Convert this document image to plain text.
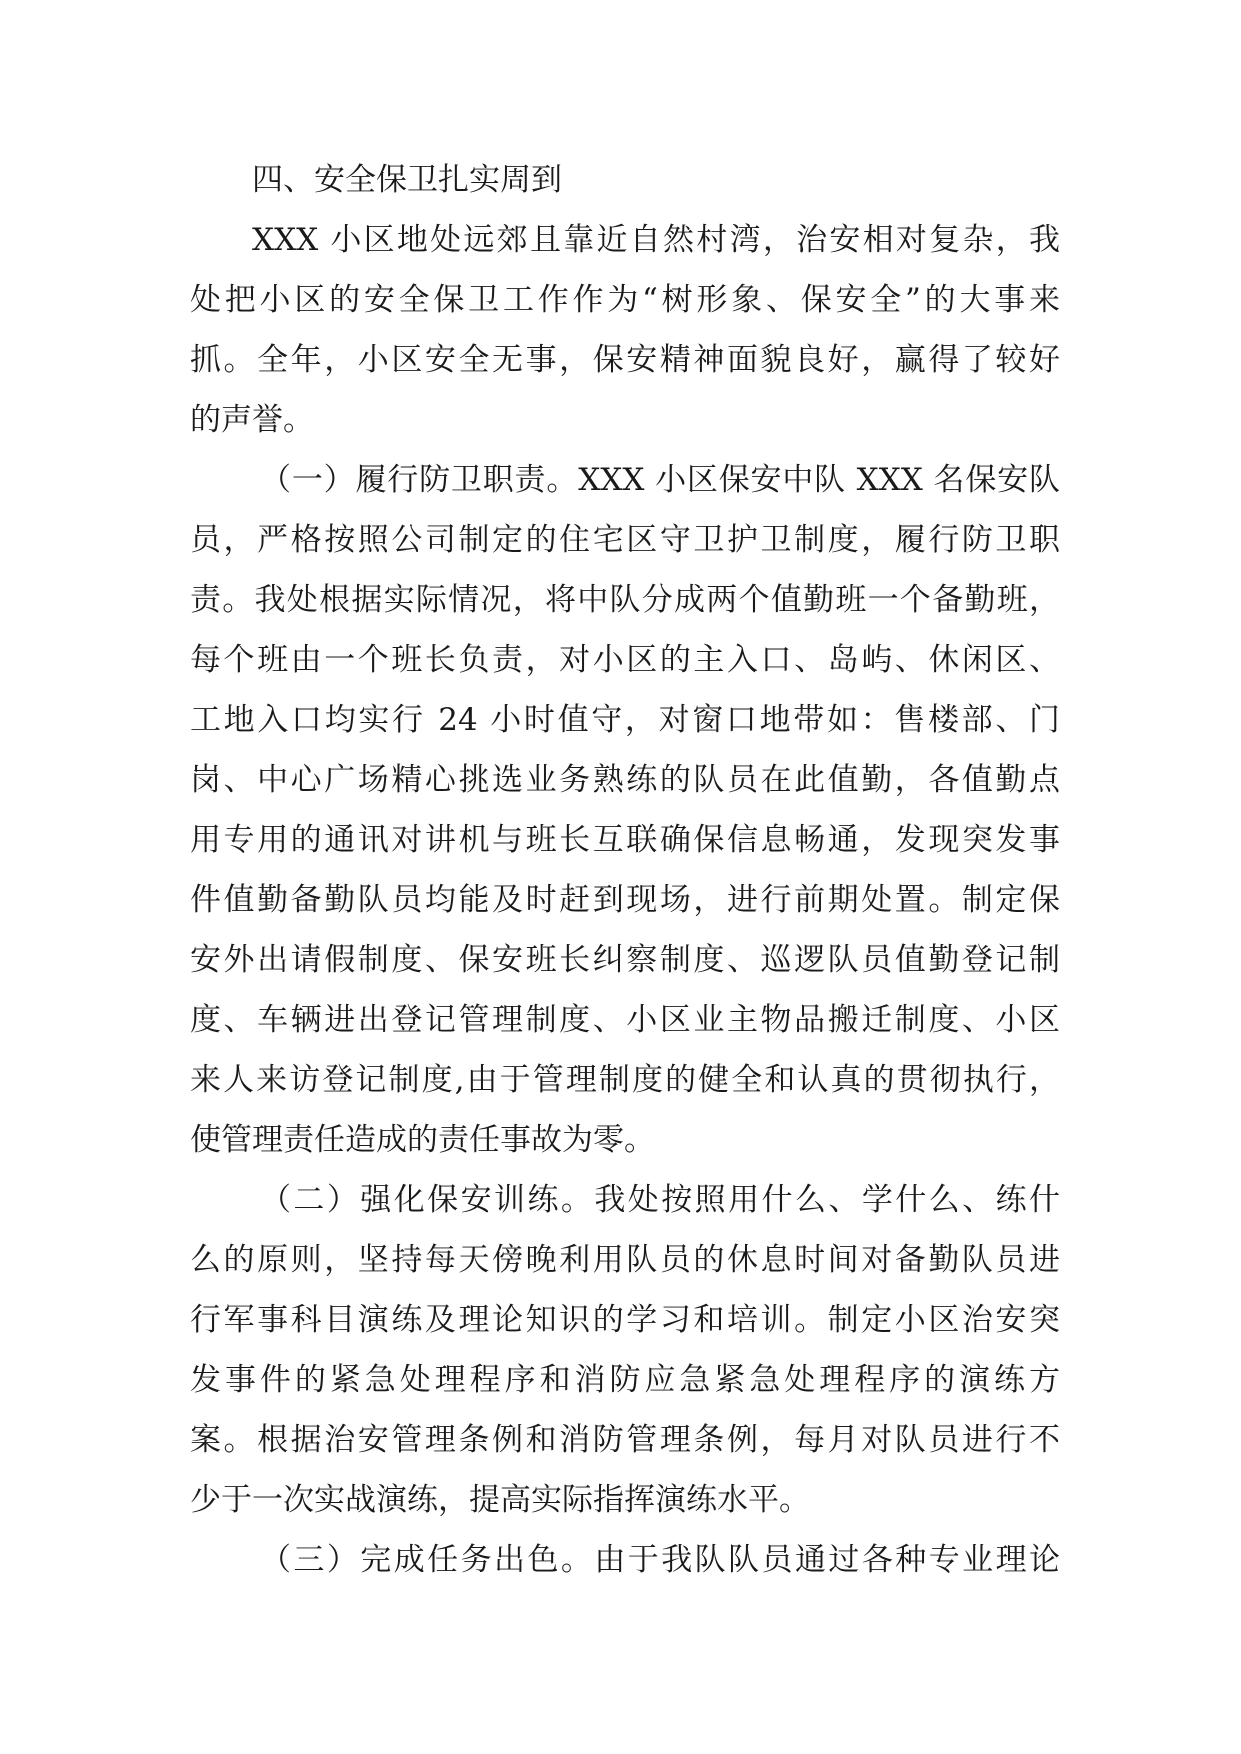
四、安全保卫扎实周到
XXX 小区地处远郊且靠近自然村湾，治安相对复杂，我
处把小区的安全保卫工作作为“树形象、保安全”的大事来
抓。全年，小区安全无事，保安精神面貌良好，赢得了较好
的声誉。
（一）履行防卫职责。XXX 小区保安中队 XXX 名保安队
员，严格按照公司制定的住宅区守卫护卫制度，履行防卫职
责。我处根据实际情况，将中队分成两个值勤班一个备勤班，
每个班由一个班长负责，对小区的主入口、岛屿、休闲区、
工地入口均实行 24 小时值守，对窗口地带如：售楼部、门
岗、中心广场精心挑选业务熟练的队员在此值勤，各值勤点
用专用的通讯对讲机与班长互联确保信息畅通，发现突发事
件值勤备勤队员均能及时赶到现场，进行前期处置。制定保
安外出请假制度、保安班长纠察制度、巡逻队员值勤登记制
度、车辆进出登记管理制度、小区业主物品搬迁制度、小区
来人来访登记制度,由于管理制度的健全和认真的贯彻执行，
使管理责任造成的责任事故为零。
（二）强化保安训练。我处按照用什么、学什么、练什
么的原则，坚持每天傍晚利用队员的休息时间对备勤队员进
行军事科目演练及理论知识的学习和培训。制定小区治安突
发事件的紧急处理程序和消防应急紧急处理程序的演练方
案。根据治安管理条例和消防管理条例，每月对队员进行不
少于一次实战演练，提高实际指挥演练水平。
（三）完成任务出色。由于我队队员通过各种专业理论
